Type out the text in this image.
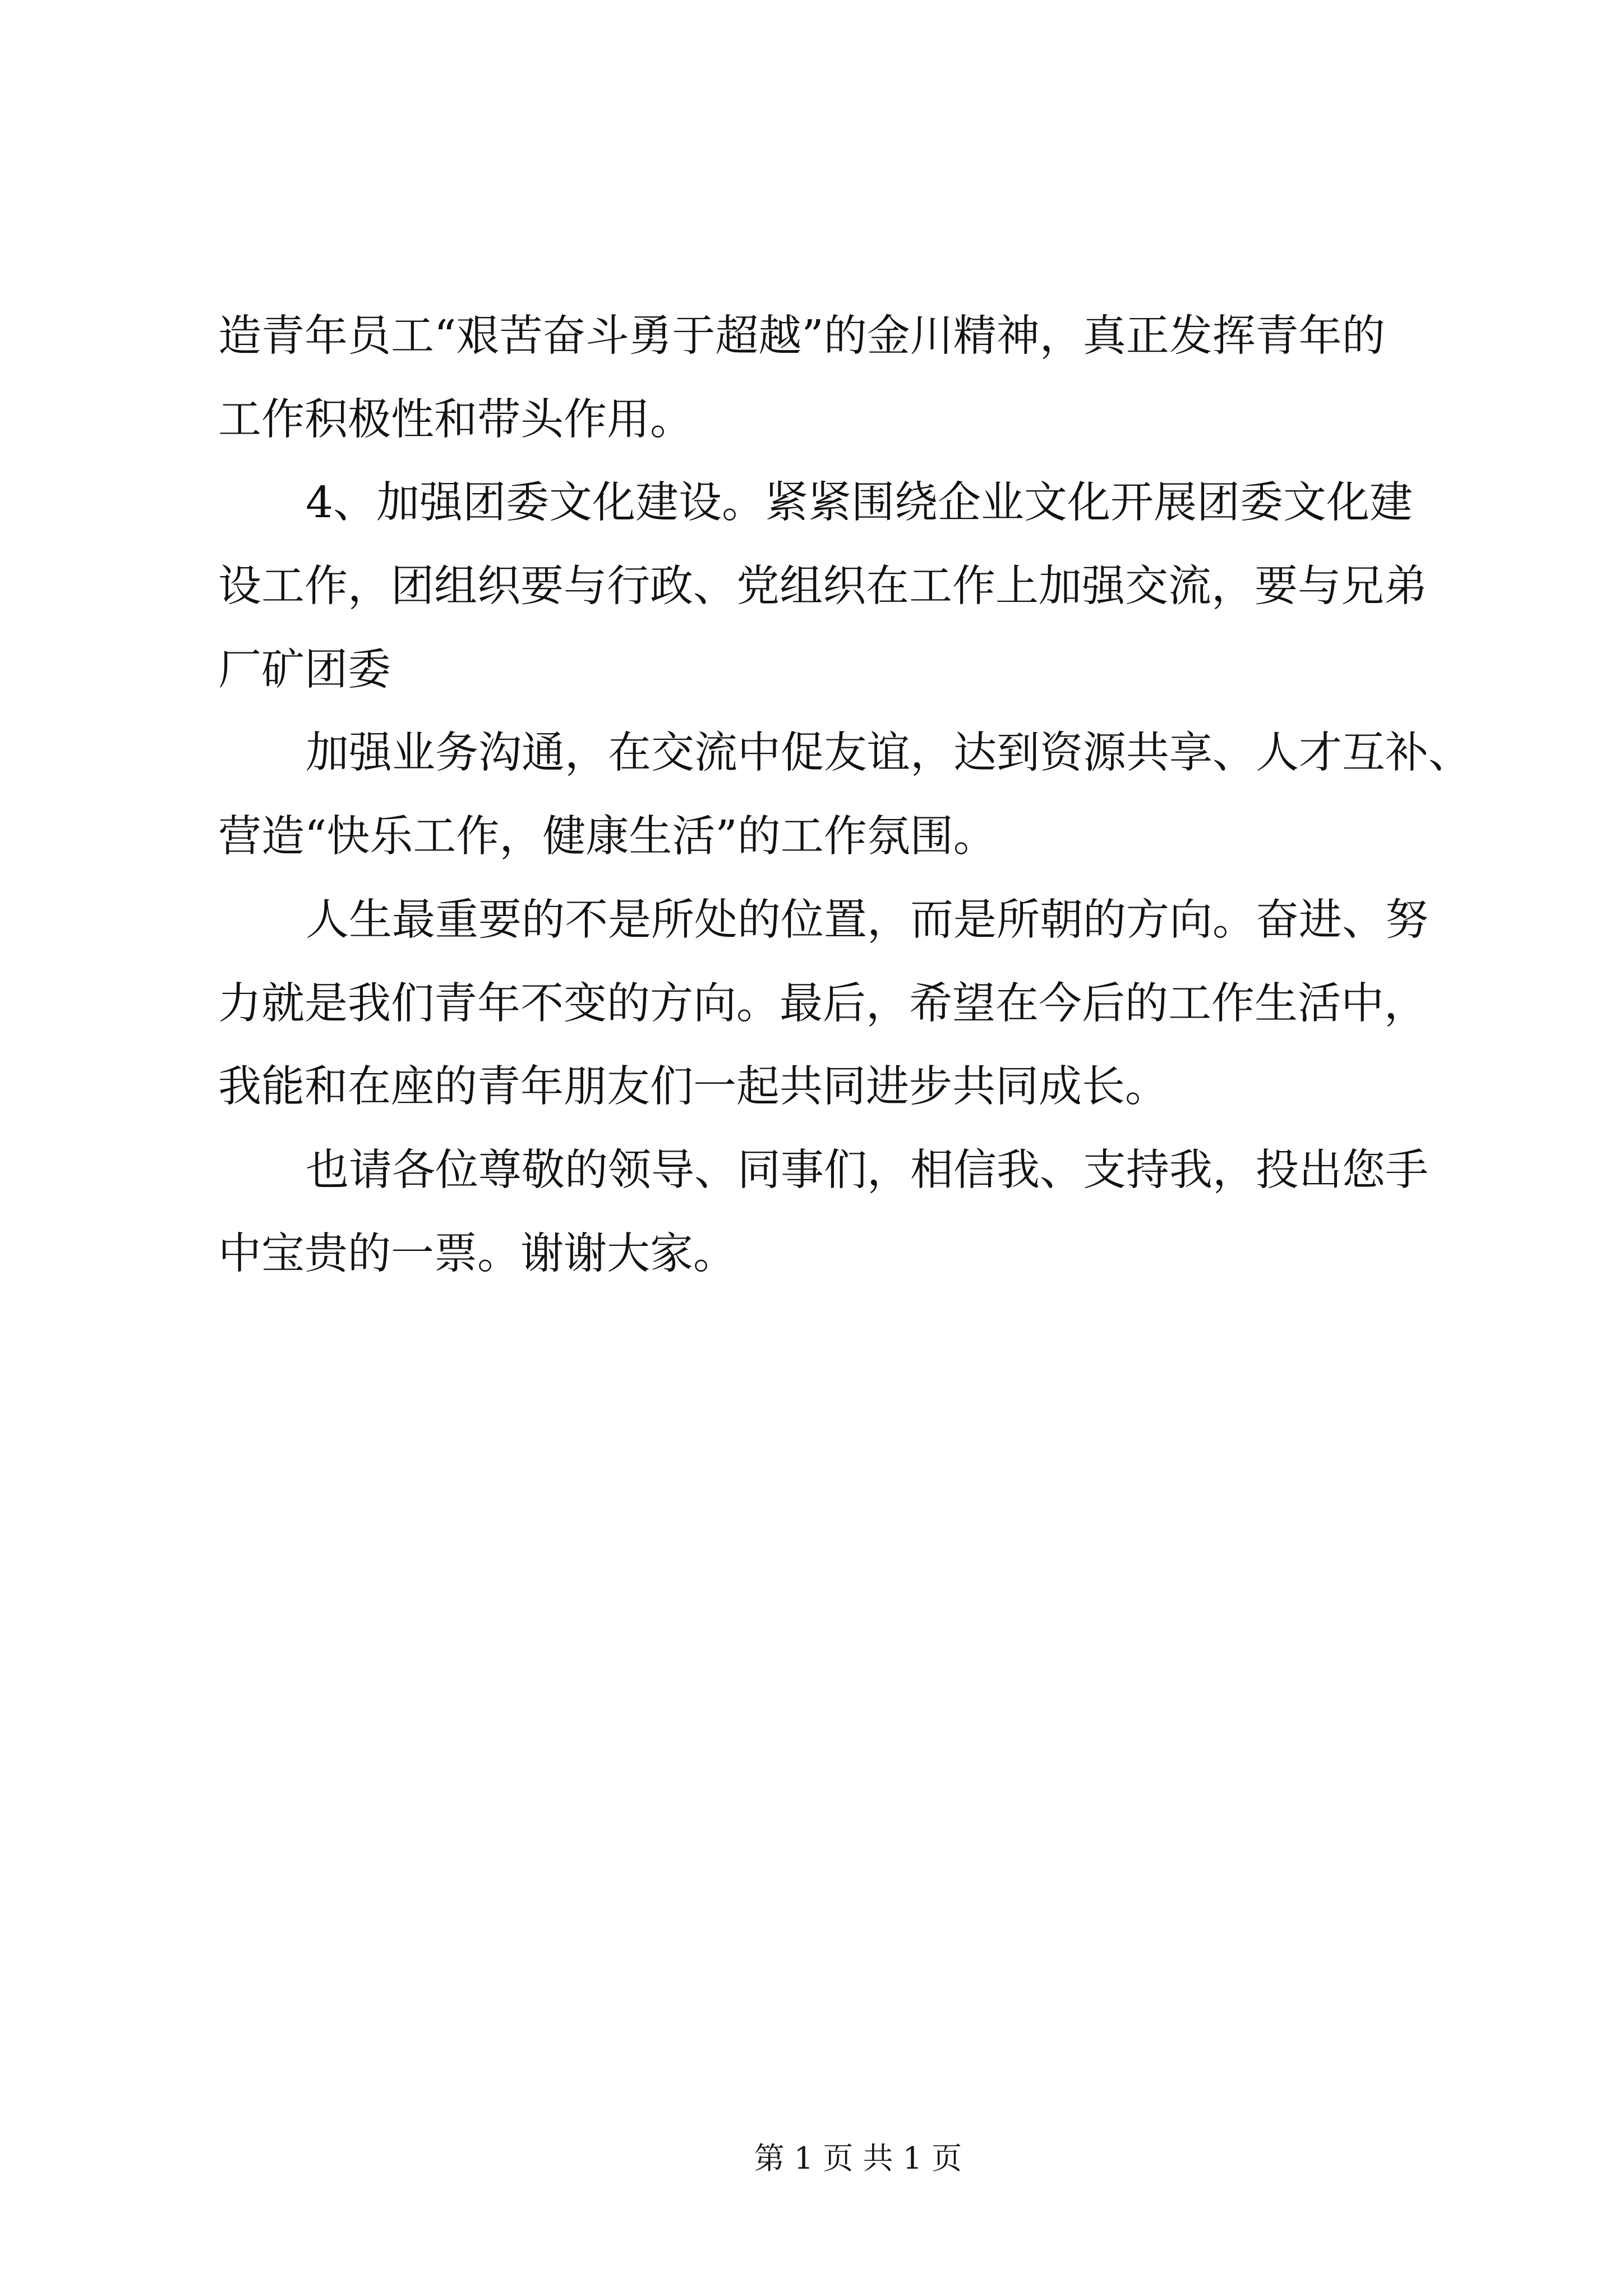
造青年员工“艰苦奋斗勇于超越”的金川精神，真正发挥青年的
工作积极性和带头作用。
4、加强团委文化建设。紧紧围绕企业文化开展团委文化建
设工作，团组织要与行政、党组织在工作上加强交流，要与兄弟
厂矿团委
加强业务沟通，在交流中促友谊，达到资源共享、人才互补、
营造“快乐工作，健康生活”的工作氛围。
人生最重要的不是所处的位置，而是所朝的方向。奋进、努
力就是我们青年不变的方向。最后，希望在今后的工作生活中，
我能和在座的青年朋友们一起共同进步共同成长。
也请各位尊敬的领导、同事们，相信我、支持我，投出您手
中宝贵的一票。谢谢大家。
第 1 页 共 1 页
